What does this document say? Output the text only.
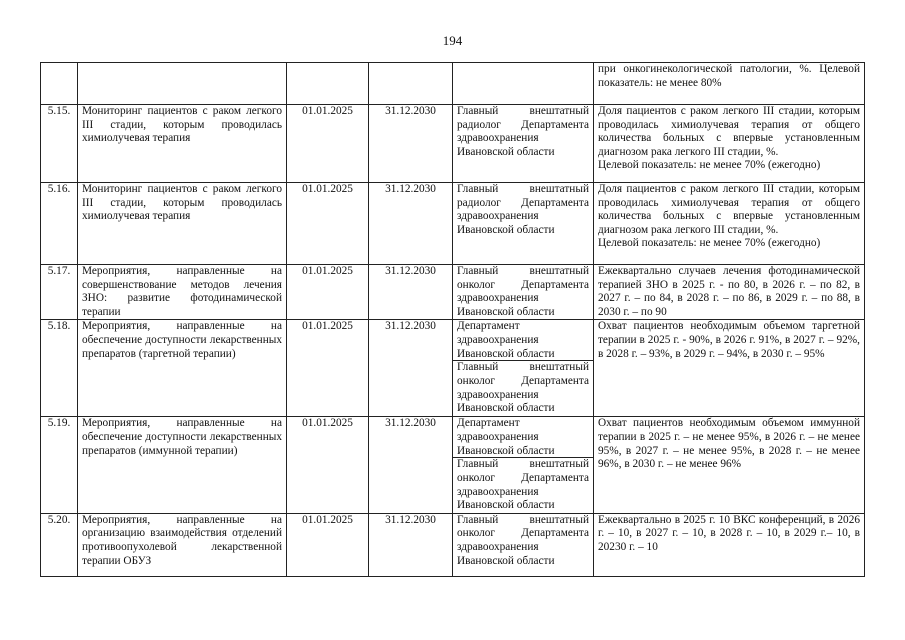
194
					при онкогинекологической патологии, %. Целевой показатель: не менее 80%
5.15.	Мониторинг пациентов с раком легкого III стадии, которым проводилась химиолучевая терапия	01.01.2025	31.12.2030	Главный внештатный радиолог Департамента здравоохранения Ивановской области	Доля пациентов с раком легкого III стадии, которым проводилась химиолучевая терапия от общего количества больных с впервые установленным диагнозом рака легкого III стадии, %.
Целевой показатель: не менее 70% (ежегодно)
5.16.	Мониторинг пациентов с раком легкого III стадии, которым проводилась химиолучевая терапия	01.01.2025	31.12.2030	Главный внештатный радиолог Департамента здравоохранения Ивановской области	Доля пациентов с раком легкого III стадии, которым проводилась химиолучевая терапия от общего количества больных с впервые установленным диагнозом рака легкого III стадии, %.
Целевой показатель: не менее 70% (ежегодно)
5.17.	Мероприятия, направленные на совершенствование методов лечения ЗНО: развитие фотодинамической терапии	01.01.2025	31.12.2030	Главный внештатный онколог Департамента здравоохранения Ивановской области	Ежеквартально случаев лечения фотодинамической терапией ЗНО в 2025 г. - по 80, в 2026 г. – по 82, в 2027 г. – по 84, в 2028 г. – по 86, в 2029 г. – по 88, в 2030 г. – по 90
5.18.	Мероприятия, направленные на обеспечение доступности лекарственных препаратов (таргетной терапии)	01.01.2025	31.12.2030	Департамент здравоохранения Ивановской области
Главный внештатный онколог Департамента здравоохранения Ивановской области	Охват пациентов необходимым объемом таргетной терапии в 2025 г. - 90%, в 2026 г. 91%, в 2027 г. – 92%, в 2028 г. – 93%, в 2029 г. – 94%, в 2030 г. – 95%
5.19.	Мероприятия, направленные на обеспечение доступности лекарственных препаратов (иммунной терапии)	01.01.2025	31.12.2030	Департамент здравоохранения Ивановской области
Главный внештатный онколог Департамента здравоохранения Ивановской области	Охват пациентов необходимым объемом иммунной терапии в 2025 г. – не менее 95%, в 2026 г. – не менее 95%, в 2027 г. – не менее 95%, в 2028 г. – не менее 96%, в 2030 г. – не менее 96%
5.20.	Мероприятия, направленные на организацию взаимодействия отделений противоопухолевой лекарственной терапии ОБУЗ	01.01.2025	31.12.2030	Главный внештатный онколог Департамента здравоохранения Ивановской области	Ежеквартально в 2025 г. 10 ВКС конференций, в 2026 г. – 10, в 2027 г. – 10, в 2028 г. – 10, в 2029 г.– 10, в 20230 г. – 10
